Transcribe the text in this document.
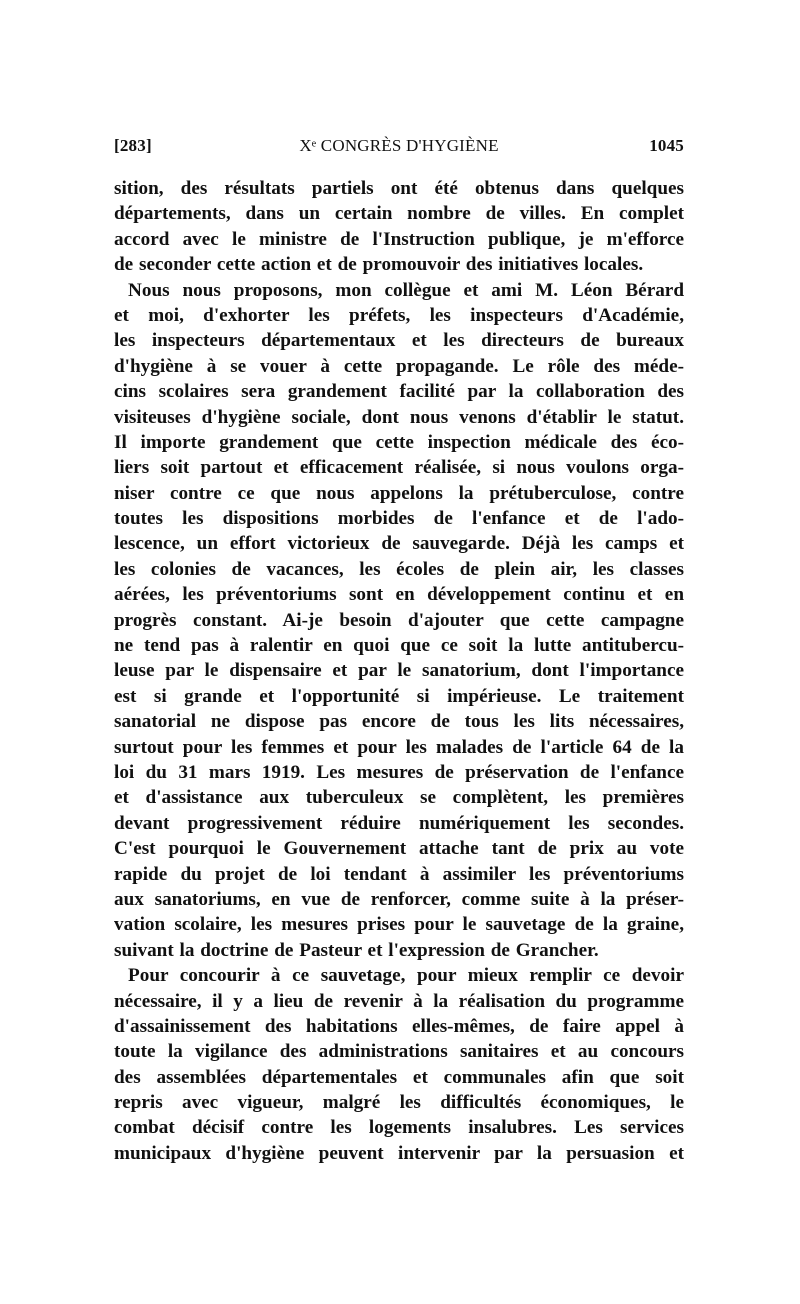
[283]	Xᵉ CONGRÈS D'HYGIÈNE	1045
sition, des résultats partiels ont été obtenus dans quelques
départements, dans un certain nombre de villes. En complet
accord avec le ministre de l'Instruction publique, je m'efforce
de seconder cette action et de promouvoir des initiatives locales.
Nous nous proposons, mon collègue et ami M. Léon Bérard
et moi, d'exhorter les préfets, les inspecteurs d'Académie,
les inspecteurs départementaux et les directeurs de bureaux
d'hygiène à se vouer à cette propagande. Le rôle des méde-
cins scolaires sera grandement facilité par la collaboration des
visiteuses d'hygiène sociale, dont nous venons d'établir le statut.
Il importe grandement que cette inspection médicale des éco-
liers soit partout et efficacement réalisée, si nous voulons orga-
niser contre ce que nous appelons la prétuberculose, contre
toutes les dispositions morbides de l'enfance et de l'ado-
lescence, un effort victorieux de sauvegarde. Déjà les camps et
les colonies de vacances, les écoles de plein air, les classes
aérées, les préventoriums sont en développement continu et en
progrès constant. Ai-je besoin d'ajouter que cette campagne
ne tend pas à ralentir en quoi que ce soit la lutte antitubercu-
leuse par le dispensaire et par le sanatorium, dont l'importance
est si grande et l'opportunité si impérieuse. Le traitement
sanatorial ne dispose pas encore de tous les lits nécessaires,
surtout pour les femmes et pour les malades de l'article 64 de la
loi du 31 mars 1919. Les mesures de préservation de l'enfance
et d'assistance aux tuberculeux se complètent, les premières
devant progressivement réduire numériquement les secondes.
C'est pourquoi le Gouvernement attache tant de prix au vote
rapide du projet de loi tendant à assimiler les préventoriums
aux sanatoriums, en vue de renforcer, comme suite à la préser-
vation scolaire, les mesures prises pour le sauvetage de la graine,
suivant la doctrine de Pasteur et l'expression de Grancher.
Pour concourir à ce sauvetage, pour mieux remplir ce devoir
nécessaire, il y a lieu de revenir à la réalisation du programme
d'assainissement des habitations elles-mêmes, de faire appel à
toute la vigilance des administrations sanitaires et au concours
des assemblées départementales et communales afin que soit
repris avec vigueur, malgré les difficultés économiques, le
combat décisif contre les logements insalubres. Les services
municipaux d'hygiène peuvent intervenir par la persuasion et
